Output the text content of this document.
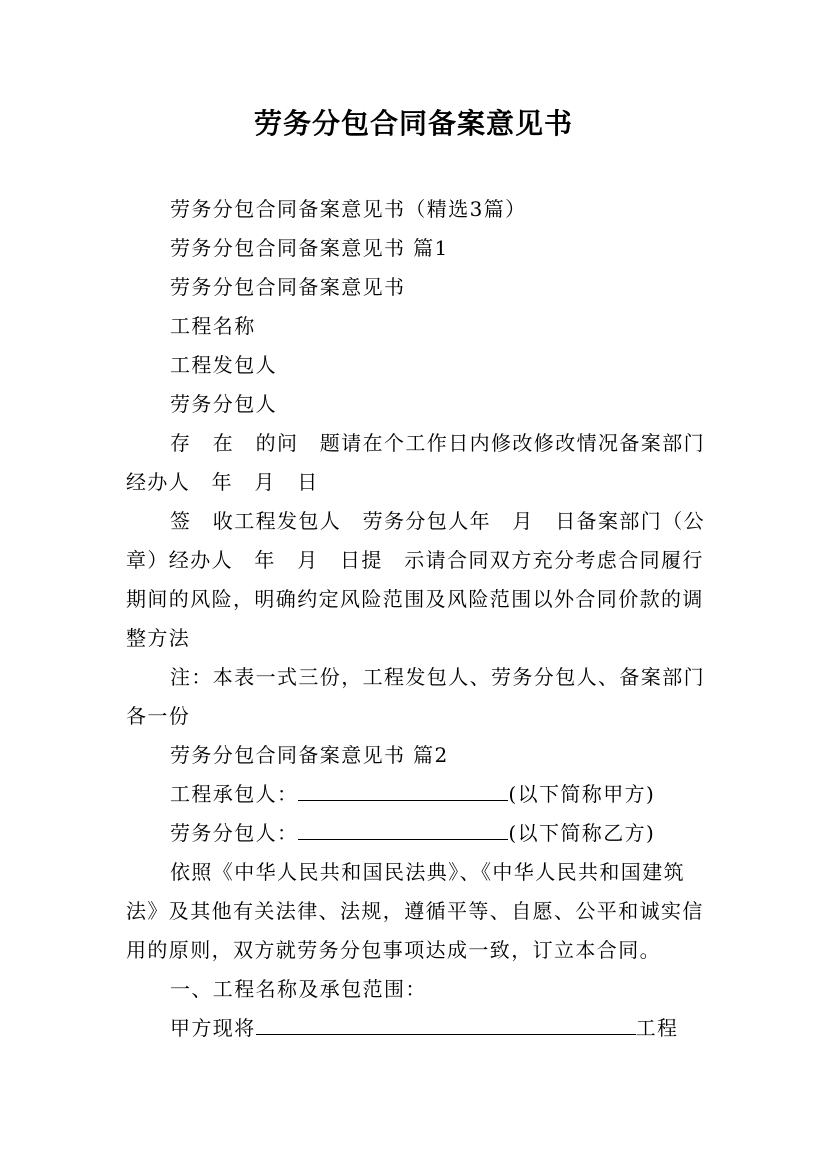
劳务分包合同备案意见书

劳务分包合同备案意见书（精选3篇）

劳务分包合同备案意见书 篇1

劳务分包合同备案意见书

工程名称

工程发包人

劳务分包人

存　在　的问　题请在个工作日内修改修改情况备案部门经办人　年　月　日

签　收工程发包人　劳务分包人年　月　日备案部门（公章）经办人　年　月　日提　示请合同双方充分考虑合同履行期间的风险，明确约定风险范围及风险范围以外合同价款的调整方法

注：本表一式三份，工程发包人、劳务分包人、备案部门各一份

劳务分包合同备案意见书 篇2

工程承包人：	(以下简称甲方)

劳务分包人：	(以下简称乙方)

依照《中华人民共和国民法典》、《中华人民共和国建筑法》及其他有关法律、法规，遵循平等、自愿、公平和诚实信用的原则，双方就劳务分包事项达成一致，订立本合同。

一、工程名称及承包范围：

甲方现将	工程
